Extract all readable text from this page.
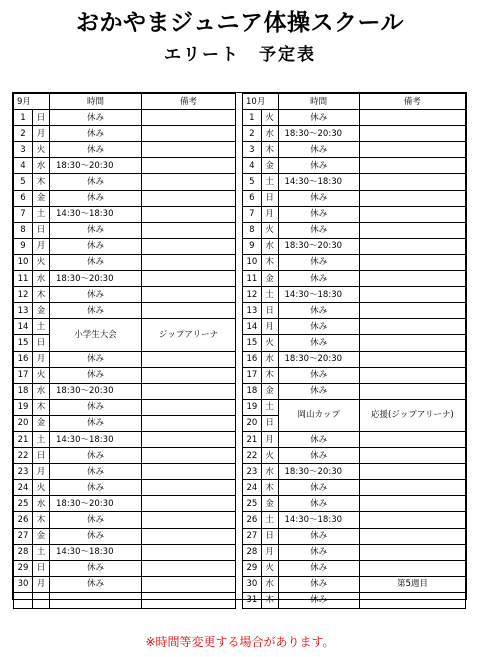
おかやまジュニア体操スクール
エリート　予定表
9月		時間	備考
1	日	休み	
2	月	休み	
3	火	休み	
4	水	18:30～20:30	
5	木	休み	
6	金	休み	
7	土	14:30～18:30	
8	日	休み	
9	月	休み	
10	火	休み	
11	水	18:30～20:30	
12	木	休み	
13	金	休み	
14	土	小学生大会	ジップアリーナ
15	日		
16	月	休み	
17	火	休み	
18	水	18:30～20:30	
19	木	休み	
20	金	休み	
21	土	14:30～18:30	
22	日	休み	
23	月	休み	
24	火	休み	
25	水	18:30～20:30	
26	木	休み	
27	金	休み	
28	土	14:30～18:30	
29	日	休み	
30	月	休み	

10月		時間	備考
1	火	休み	
2	水	18:30～20:30	
3	木	休み	
4	金	休み	
5	土	14:30～18:30	
6	日	休み	
7	月	休み	
8	火	休み	
9	水	18:30～20:30	
10	木	休み	
11	金	休み	
12	土	14:30～18:30	
13	日	休み	
14	月	休み	
15	火	休み	
16	水	18:30～20:30	
17	木	休み	
18	金	休み	
19	土	岡山カップ	応援(ジップアリーナ)
20	日		
21	月	休み	
22	火	休み	
23	水	18:30～20:30	
24	木	休み	
25	金	休み	
26	土	14:30～18:30	
27	日	休み	
28	月	休み	
29	火	休み	
30	水	休み	第5週目
31	木	休み	
※時間等変更する場合があります。
